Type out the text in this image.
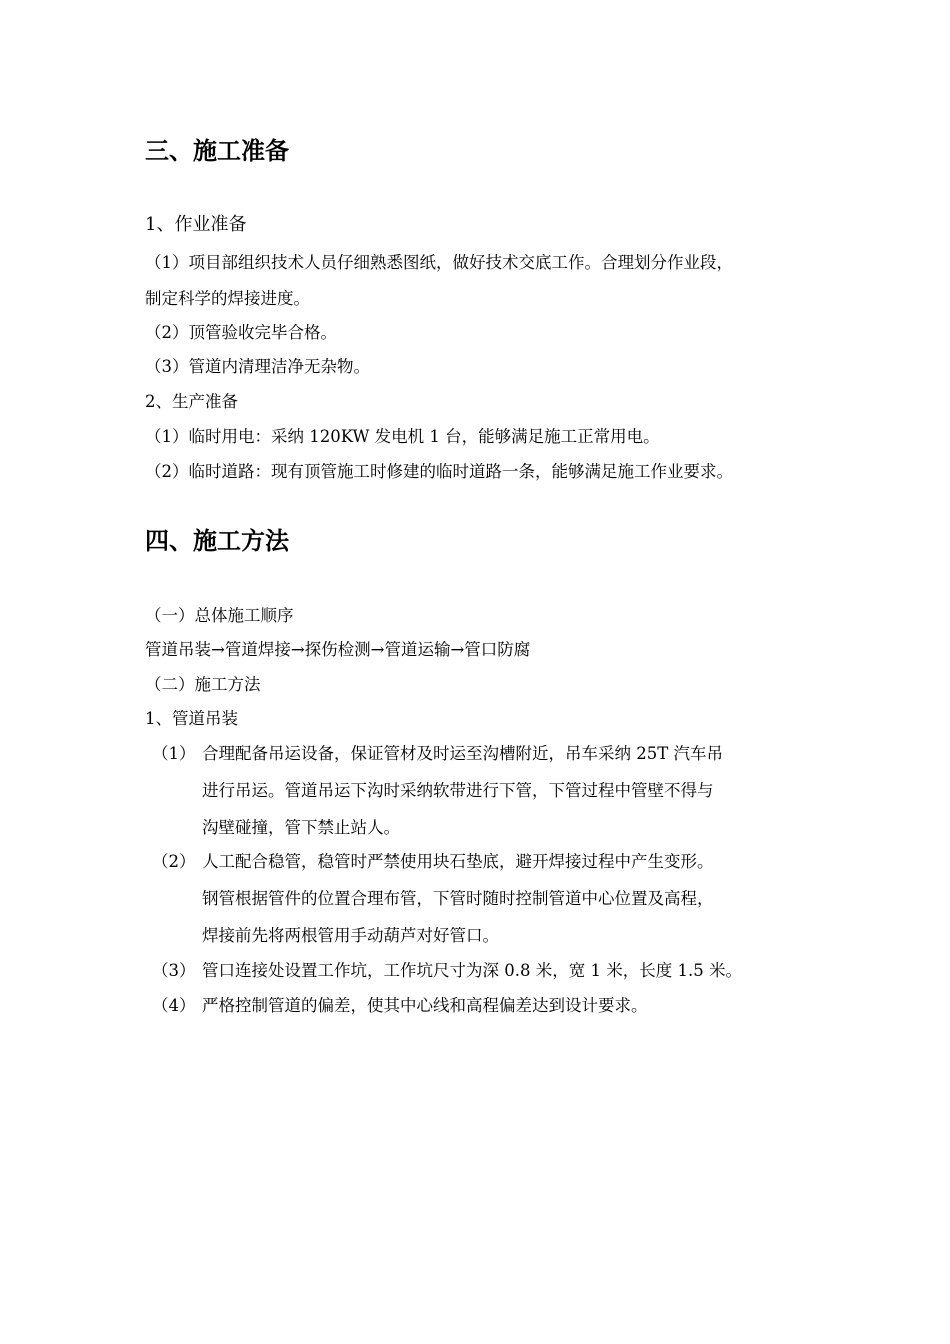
三、施工准备
1、作业准备
（1）项目部组织技术人员仔细熟悉图纸，做好技术交底工作。合理划分作业段，
制定科学的焊接进度。
（2）顶管验收完毕合格。
（3）管道内清理洁净无杂物。
2、生产准备
（1）临时用电：采纳 120KW 发电机 1 台，能够满足施工正常用电。
（2）临时道路：现有顶管施工时修建的临时道路一条，能够满足施工作业要求。
四、施工方法
（一）总体施工顺序
管道吊装→管道焊接→探伤检测→管道运输→管口防腐
（二）施工方法
1、管道吊装
（1） 合理配备吊运设备，保证管材及时运至沟槽附近，吊车采纳 25T 汽车吊
进行吊运。管道吊运下沟时采纳软带进行下管，下管过程中管壁不得与
沟壁碰撞，管下禁止站人。
（2） 人工配合稳管，稳管时严禁使用块石垫底，避开焊接过程中产生变形。
钢管根据管件的位置合理布管，下管时随时控制管道中心位置及高程，
焊接前先将两根管用手动葫芦对好管口。
（3） 管口连接处设置工作坑，工作坑尺寸为深 0.8 米，宽 1 米，长度 1.5 米。
（4） 严格控制管道的偏差，使其中心线和高程偏差达到设计要求。
